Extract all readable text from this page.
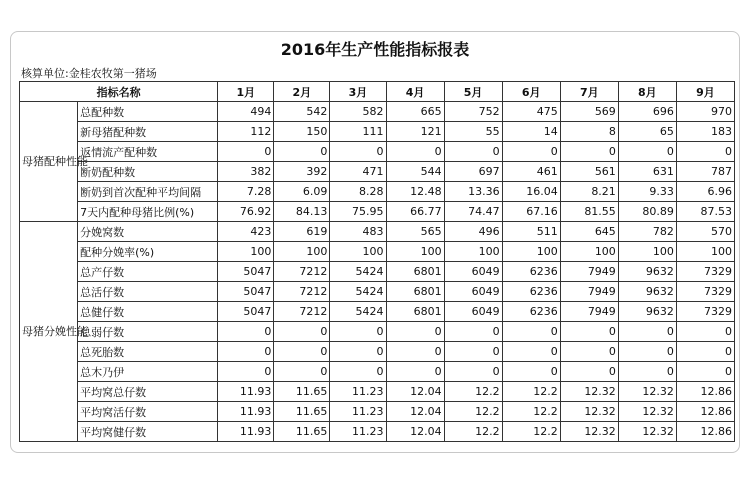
2016年生产性能指标报表
核算单位:金桂农牧第一猪场
指标名称		1月	2月	3月	4月	5月	6月	7月	8月	9月
母猪配种性能	总配种数	494	542	582	665	752	475	569	696	970
	新母猪配种数	112	150	111	121	55	14	8	65	183
	返情流产配种数	0	0	0	0	0	0	0	0	0
	断奶配种数	382	392	471	544	697	461	561	631	787
	断奶到首次配种平均间隔	7.28	6.09	8.28	12.48	13.36	16.04	8.21	9.33	6.96
	7天内配种母猪比例(%)	76.92	84.13	75.95	66.77	74.47	67.16	81.55	80.89	87.53
母猪分娩性能	分娩窝数	423	619	483	565	496	511	645	782	570
	配种分娩率(%)	100	100	100	100	100	100	100	100	100
	总产仔数	5047	7212	5424	6801	6049	6236	7949	9632	7329
	总活仔数	5047	7212	5424	6801	6049	6236	7949	9632	7329
	总健仔数	5047	7212	5424	6801	6049	6236	7949	9632	7329
	总弱仔数	0	0	0	0	0	0	0	0	0
	总死胎数	0	0	0	0	0	0	0	0	0
	总木乃伊	0	0	0	0	0	0	0	0	0
	平均窝总仔数	11.93	11.65	11.23	12.04	12.2	12.2	12.32	12.32	12.86
	平均窝活仔数	11.93	11.65	11.23	12.04	12.2	12.2	12.32	12.32	12.86
	平均窝健仔数	11.93	11.65	11.23	12.04	12.2	12.2	12.32	12.32	12.86
